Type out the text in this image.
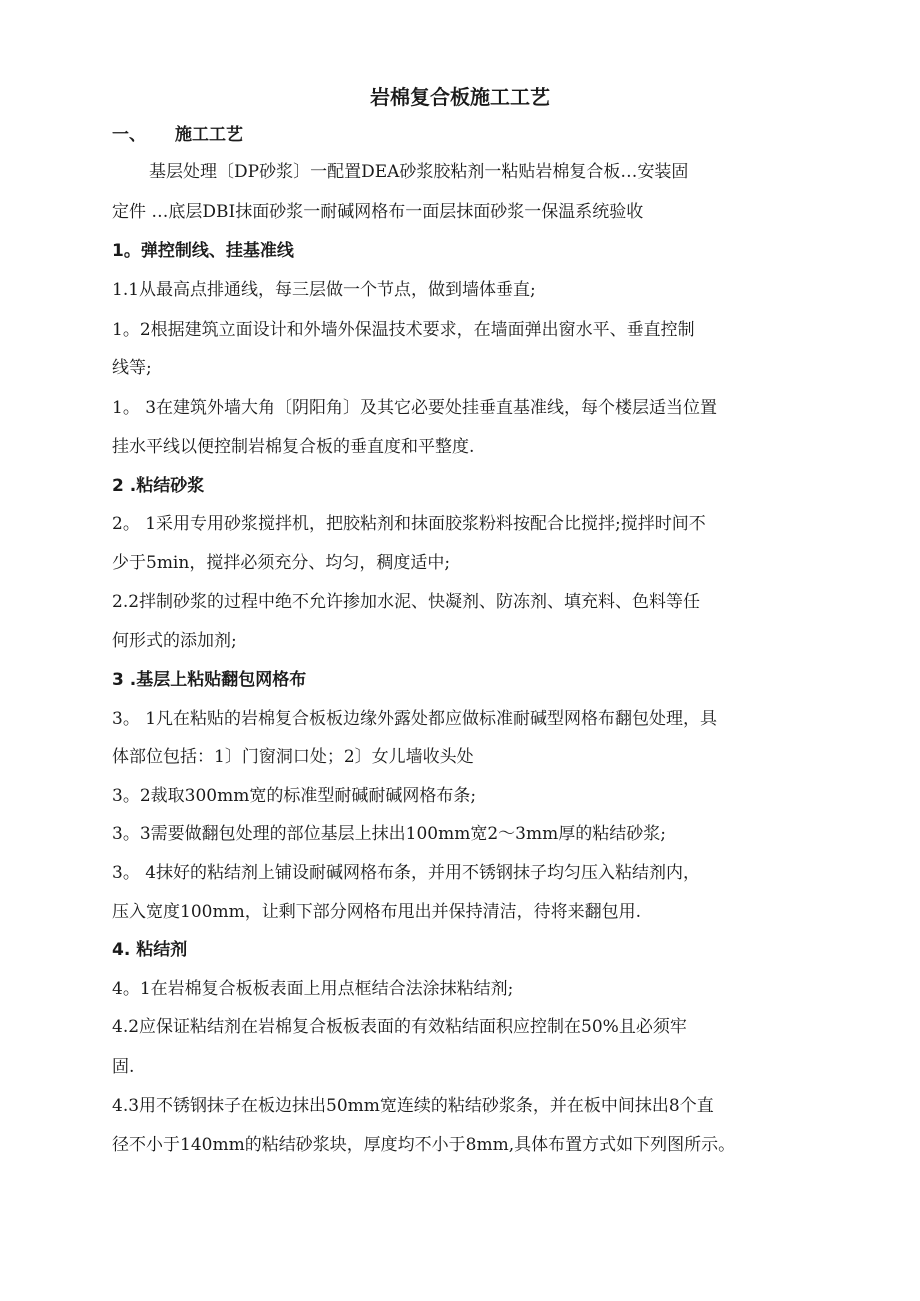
岩棉复合板施工工艺
一、 施工工艺
基层处理〔DP砂浆〕一配置DEA砂浆胶粘剂一粘贴岩棉复合板…安装固
定件 …底层DBI抹面砂浆一耐碱网格布一面层抹面砂浆一保温系统验收
1。弹控制线、挂基准线
1.1从最高点排通线，每三层做一个节点，做到墙体垂直;
1。2根据建筑立面设计和外墙外保温技术要求，在墙面弹出窗水平、垂直控制
线等;
1。 3在建筑外墙大角〔阴阳角〕及其它必要处挂垂直基准线，每个楼层适当位置
挂水平线以便控制岩棉复合板的垂直度和平整度.
2 .粘结砂浆
2。 1采用专用砂浆搅拌机，把胶粘剂和抹面胶浆粉料按配合比搅拌;搅拌时间不
少于5min，搅拌必须充分、均匀，稠度适中;
2.2拌制砂浆的过程中绝不允许掺加水泥、快凝剂、防冻剂、填充料、色料等任
何形式的添加剂;
3 .基层上粘贴翻包网格布
3。 1凡在粘贴的岩棉复合板板边缘外露处都应做标准耐碱型网格布翻包处理，具
体部位包括：1〕门窗洞口处；2〕女儿墙收头处
3。2裁取300mm宽的标准型耐碱耐碱网格布条;
3。3需要做翻包处理的部位基层上抹出100mm宽2～3mm厚的粘结砂浆;
3。 4抹好的粘结剂上铺设耐碱网格布条，并用不锈钢抹子均匀压入粘结剂内，
压入宽度100mm，让剩下部分网格布甩出并保持清洁，待将来翻包用.
4. 粘结剂
4。1在岩棉复合板板表面上用点框结合法涂抹粘结剂;
4.2应保证粘结剂在岩棉复合板板表面的有效粘结面积应控制在50%且必须牢
固.
4.3用不锈钢抹子在板边抹出50mm宽连续的粘结砂浆条，并在板中间抹出8个直
径不小于140mm的粘结砂浆块，厚度均不小于8mm,具体布置方式如下列图所示。
